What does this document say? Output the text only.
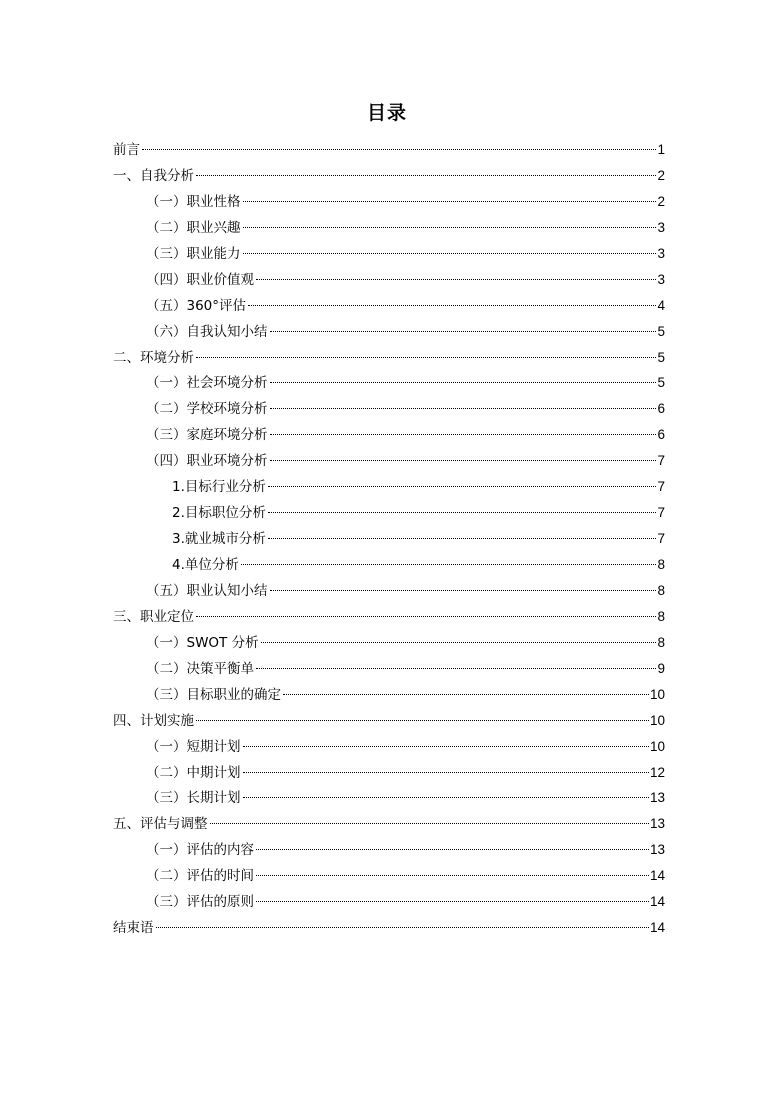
目录
前言	1
一、自我分析	2
（一）职业性格	2
（二）职业兴趣	3
（三）职业能力	3
（四）职业价值观	3
（五）360°评估	4
（六）自我认知小结	5
二、环境分析	5
（一）社会环境分析	5
（二）学校环境分析	6
（三）家庭环境分析	6
（四）职业环境分析	7
1.目标行业分析	7
2.目标职位分析	7
3.就业城市分析	7
4.单位分析	8
（五）职业认知小结	8
三、职业定位	8
（一）SWOT 分析	8
（二）决策平衡单	9
（三）目标职业的确定	10
四、计划实施	10
（一）短期计划	10
（二）中期计划	12
（三）长期计划	13
五、评估与调整	13
（一）评估的内容	13
（二）评估的时间	14
（三）评估的原则	14
结束语	14
